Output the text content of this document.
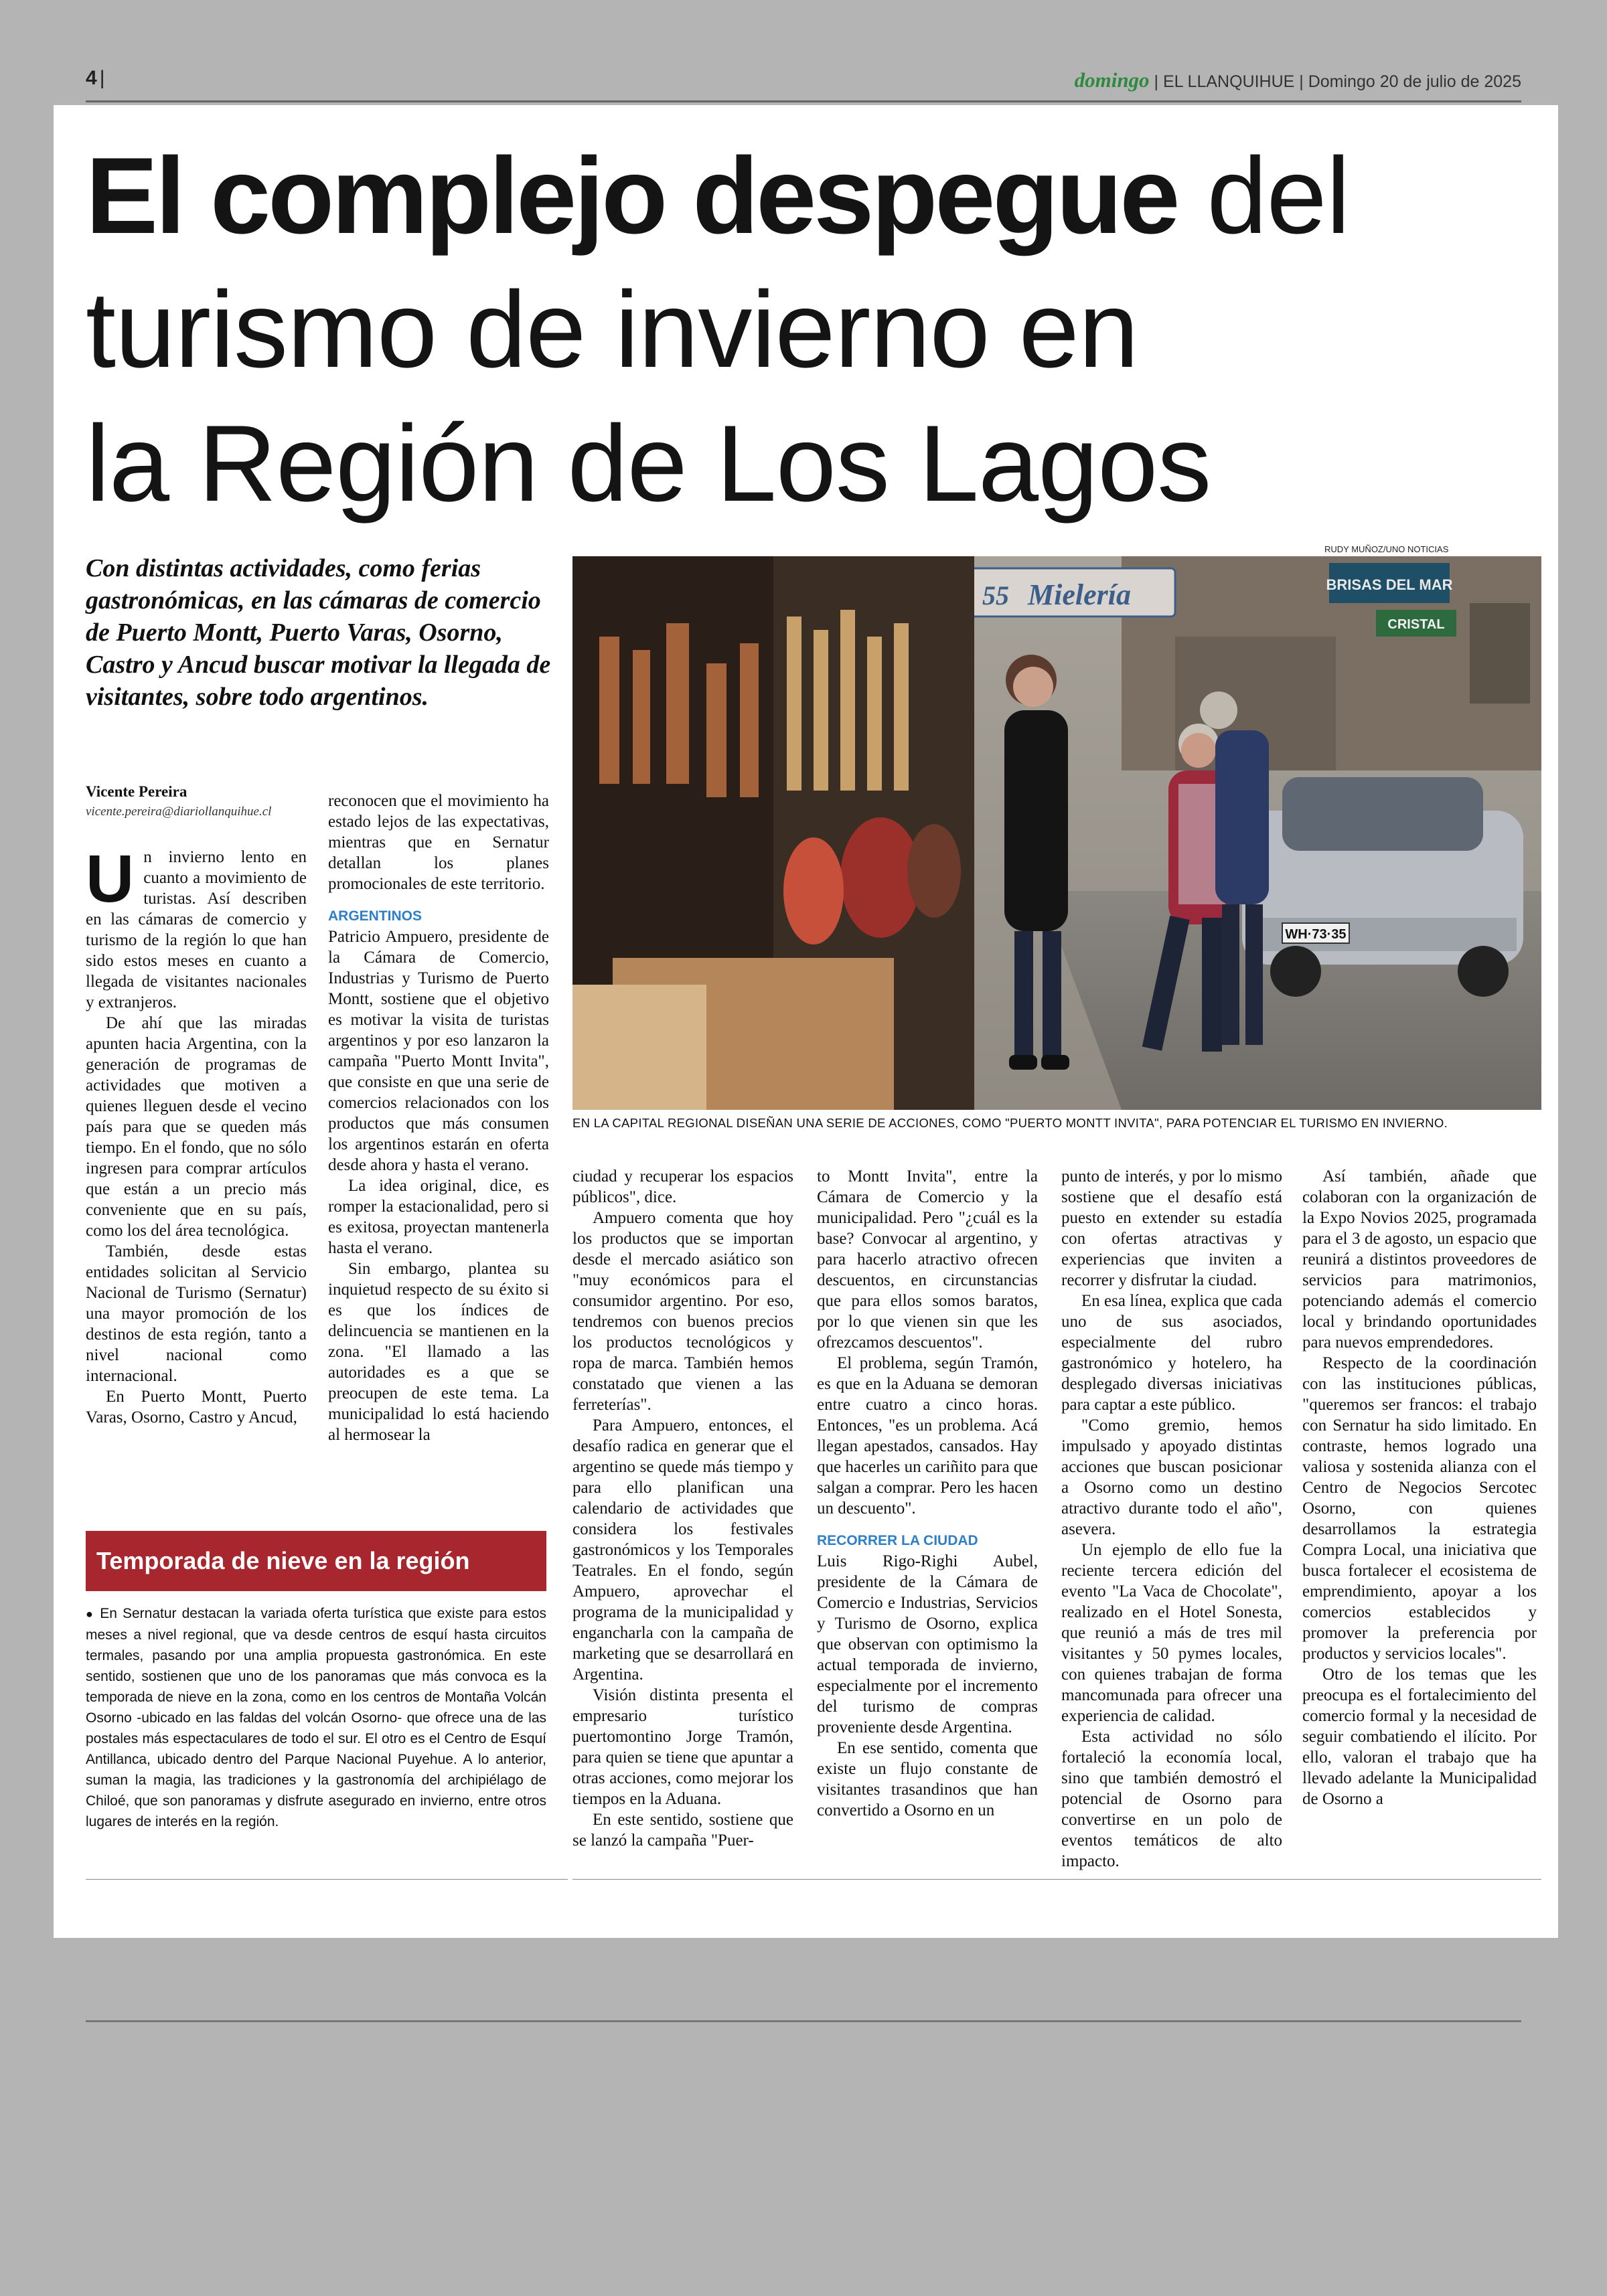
4 |	domingo | EL LLANQUIHUE | Domingo 20 de julio de 2025
El complejo despegue del
turismo de invierno en
la Región de Los Lagos
Con distintas actividades, como ferias gastronómicas, en las cámaras de comercio de Puerto Montt, Puerto Varas, Osorno, Castro y Ancud buscar motivar la llegada de visitantes, sobre todo argentinos.
RUDY MUÑOZ/UNO NOTICIAS
BRISAS DEL MAR
CRISTAL
55 Mielería
WH·73·35
EN LA CAPITAL REGIONAL DISEÑAN UNA SERIE DE ACCIONES, COMO "PUERTO MONTT INVITA", PARA POTENCIAR EL TURISMO EN INVIERNO.
Vicente Pereira
vicente.pereira@diariollanquihue.cl

Un invierno lento en cuanto a movimiento de turistas. Así describen en las cámaras de comercio y turismo de la región lo que han sido estos meses en cuanto a llegada de visitantes nacionales y extranjeros.

De ahí que las miradas apunten hacia Argentina, con la generación de programas de actividades que motiven a quienes lleguen desde el vecino país para que se queden más tiempo. En el fondo, que no sólo ingresen para comprar artículos que están a un precio más conveniente que en su país, como los del área tecnológica.

También, desde estas entidades solicitan al Servicio Nacional de Turismo (Sernatur) una mayor promoción de los destinos de esta región, tanto a nivel nacional como internacional.

En Puerto Montt, Puerto Varas, Osorno, Castro y Ancud,

reconocen que el movimiento ha estado lejos de las expectativas, mientras que en Sernatur detallan los planes promocionales de este territorio.

ARGENTINOS

Patricio Ampuero, presidente de la Cámara de Comercio, Industrias y Turismo de Puerto Montt, sostiene que el objetivo es motivar la visita de turistas argentinos y por eso lanzaron la campaña "Puerto Montt Invita", que consiste en que una serie de comercios relacionados con los productos que más consumen los argentinos estarán en oferta desde ahora y hasta el verano.

La idea original, dice, es romper la estacionalidad, pero si es exitosa, proyectan mantenerla hasta el verano.

Sin embargo, plantea su inquietud respecto de su éxito si es que los índices de delincuencia se mantienen en la zona. "El llamado a las autoridades es a que se preocupen de este tema. La municipalidad lo está haciendo al hermosear la

ciudad y recuperar los espacios públicos", dice.

Ampuero comenta que hoy los productos que se importan desde el mercado asiático son "muy económicos para el consumidor argentino. Por eso, tendremos con buenos precios los productos tecnológicos y ropa de marca. También hemos constatado que vienen a las ferreterías".

Para Ampuero, entonces, el desafío radica en generar que el argentino se quede más tiempo y para ello planifican una calendario de actividades que considera los festivales gastronómicos y los Temporales Teatrales. En el fondo, según Ampuero, aprovechar el programa de la municipalidad y engancharla con la campaña de marketing que se desarrollará en Argentina.

Visión distinta presenta el empresario turístico puertomontino Jorge Tramón, para quien se tiene que apuntar a otras acciones, como mejorar los tiempos en la Aduana.

En este sentido, sostiene que se lanzó la campaña "Puer-

to Montt Invita", entre la Cámara de Comercio y la municipalidad. Pero "¿cuál es la base? Convocar al argentino, y para hacerlo atractivo ofrecen descuentos, en circunstancias que para ellos somos baratos, por lo que vienen sin que les ofrezcamos descuentos".

El problema, según Tramón, es que en la Aduana se demoran entre cuatro a cinco horas. Entonces, "es un problema. Acá llegan apestados, cansados. Hay que hacerles un cariñito para que salgan a comprar. Pero les hacen un descuento".

RECORRER LA CIUDAD

Luis Rigo-Righi Aubel, presidente de la Cámara de Comercio e Industrias, Servicios y Turismo de Osorno, explica que observan con optimismo la actual temporada de invierno, especialmente por el incremento del turismo de compras proveniente desde Argentina.

En ese sentido, comenta que existe un flujo constante de visitantes trasandinos que han convertido a Osorno en un

punto de interés, y por lo mismo sostiene que el desafío está puesto en extender su estadía con ofertas atractivas y experiencias que inviten a recorrer y disfrutar la ciudad.

En esa línea, explica que cada uno de sus asociados, especialmente del rubro gastronómico y hotelero, ha desplegado diversas iniciativas para captar a este público.

"Como gremio, hemos impulsado y apoyado distintas acciones que buscan posicionar a Osorno como un destino atractivo durante todo el año", asevera.

Un ejemplo de ello fue la reciente tercera edición del evento "La Vaca de Chocolate", realizado en el Hotel Sonesta, que reunió a más de tres mil visitantes y 50 pymes locales, con quienes trabajan de forma mancomunada para ofrecer una experiencia de calidad.

Esta actividad no sólo fortaleció la economía local, sino que también demostró el potencial de Osorno para convertirse en un polo de eventos temáticos de alto impacto.

Así también, añade que colaboran con la organización de la Expo Novios 2025, programada para el 3 de agosto, un espacio que reunirá a distintos proveedores de servicios para matrimonios, potenciando además el comercio local y brindando oportunidades para nuevos emprendedores.

Respecto de la coordinación con las instituciones públicas, "queremos ser francos: el trabajo con Sernatur ha sido limitado. En contraste, hemos logrado una valiosa y sostenida alianza con el Centro de Negocios Sercotec Osorno, con quienes desarrollamos la estrategia Compra Local, una iniciativa que busca fortalecer el ecosistema de emprendimiento, apoyar a los comercios establecidos y promover la preferencia por productos y servicios locales".

Otro de los temas que les preocupa es el fortalecimiento del comercio formal y la necesidad de seguir combatiendo el ilícito. Por ello, valoran el trabajo que ha llevado adelante la Municipalidad de Osorno a

Temporada de nieve en la región
● En Sernatur destacan la variada oferta turística que existe para estos meses a nivel regional, que va desde centros de esquí hasta circuitos termales, pasando por una amplia propuesta gastronómica. En este sentido, sostienen que uno de los panoramas que más convoca es la temporada de nieve en la zona, como en los centros de Montaña Volcán Osorno -ubicado en las faldas del volcán Osorno- que ofrece una de las postales más espectaculares de todo el sur. El otro es el Centro de Esquí Antillanca, ubicado dentro del Parque Nacional Puyehue. A lo anterior, suman la magia, las tradiciones y la gastronomía del archipiélago de Chiloé, que son panoramas y disfrute asegurado en invierno, entre otros lugares de interés en la región.
